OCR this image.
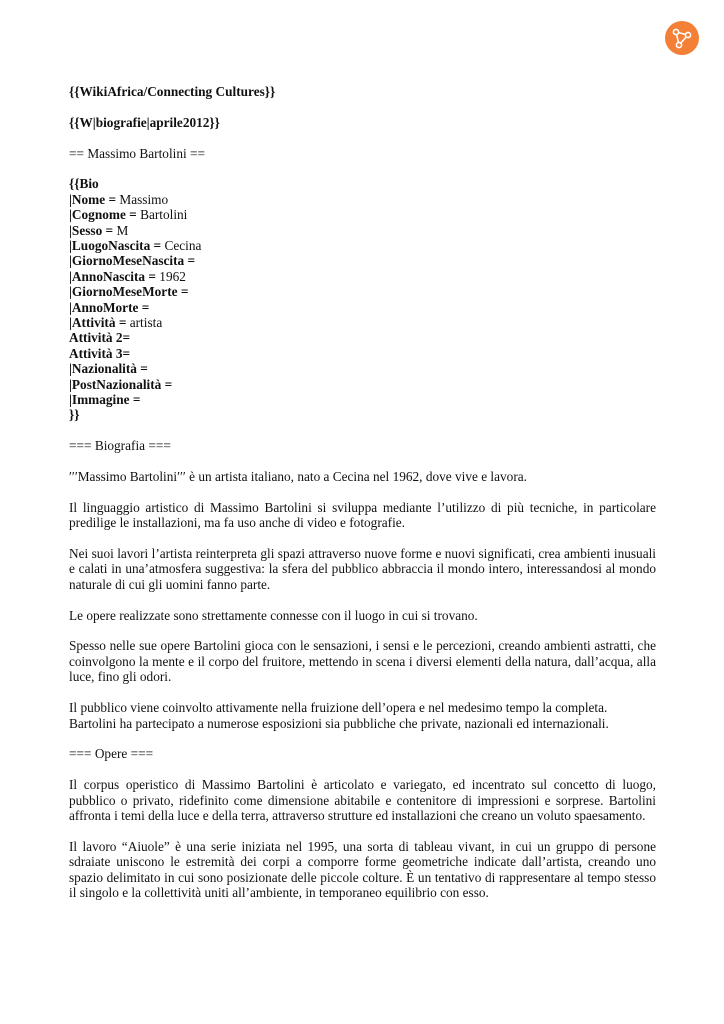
{{WikiAfrica/Connecting Cultures}}

{{W|biografie|aprile2012}}

== Massimo Bartolini ==

{{Bio
|Nome = Massimo
|Cognome = Bartolini
|Sesso = M
|LuogoNascita = Cecina
|GiornoMeseNascita =
|AnnoNascita = 1962
|GiornoMeseMorte =
|AnnoMorte =
|Attività = artista
Attività 2=
Attività 3=
|Nazionalità =
|PostNazionalità =
|Immagine =
}}

=== Biografia ===

′′′Massimo Bartolini′′′ è un artista italiano, nato a Cecina nel 1962, dove vive e lavora.

Il linguaggio artistico di Massimo Bartolini si sviluppa mediante l’utilizzo di più tecniche, in particolare predilige le installazioni, ma fa uso anche di video e fotografie.

Nei suoi lavori l’artista reinterpreta gli spazi attraverso nuove forme e nuovi significati, crea ambienti inusuali e calati in una’atmosfera suggestiva: la sfera del pubblico abbraccia il mondo intero, interessandosi al mondo naturale di cui gli uomini fanno parte.

Le opere realizzate sono strettamente connesse con il luogo in cui si trovano.

Spesso nelle sue opere Bartolini gioca con le sensazioni, i sensi e le percezioni, creando ambienti astratti, che coinvolgono la mente e il corpo del fruitore, mettendo in scena i diversi elementi della natura, dall’acqua, alla luce, fino gli odori.

Il pubblico viene coinvolto attivamente nella fruizione dell’opera e nel medesimo tempo la completa.
Bartolini ha partecipato a numerose esposizioni sia pubbliche che private, nazionali ed internazionali.

=== Opere ===

Il corpus operistico di Massimo Bartolini è articolato e variegato, ed incentrato sul concetto di luogo, pubblico o privato, ridefinito come dimensione abitabile e contenitore di impressioni e sorprese. Bartolini affronta i temi della luce e della terra, attraverso strutture ed installazioni che creano un voluto spaesamento.

Il lavoro “Aiuole” è una serie iniziata nel 1995, una sorta di tableau vivant, in cui un gruppo di persone sdraiate uniscono le estremità dei corpi a comporre forme geometriche indicate dall’artista, creando uno spazio delimitato in cui sono posizionate delle piccole colture. È un tentativo di rappresentare al tempo stesso il singolo e la collettività uniti all’ambiente, in temporaneo equilibrio con esso.
